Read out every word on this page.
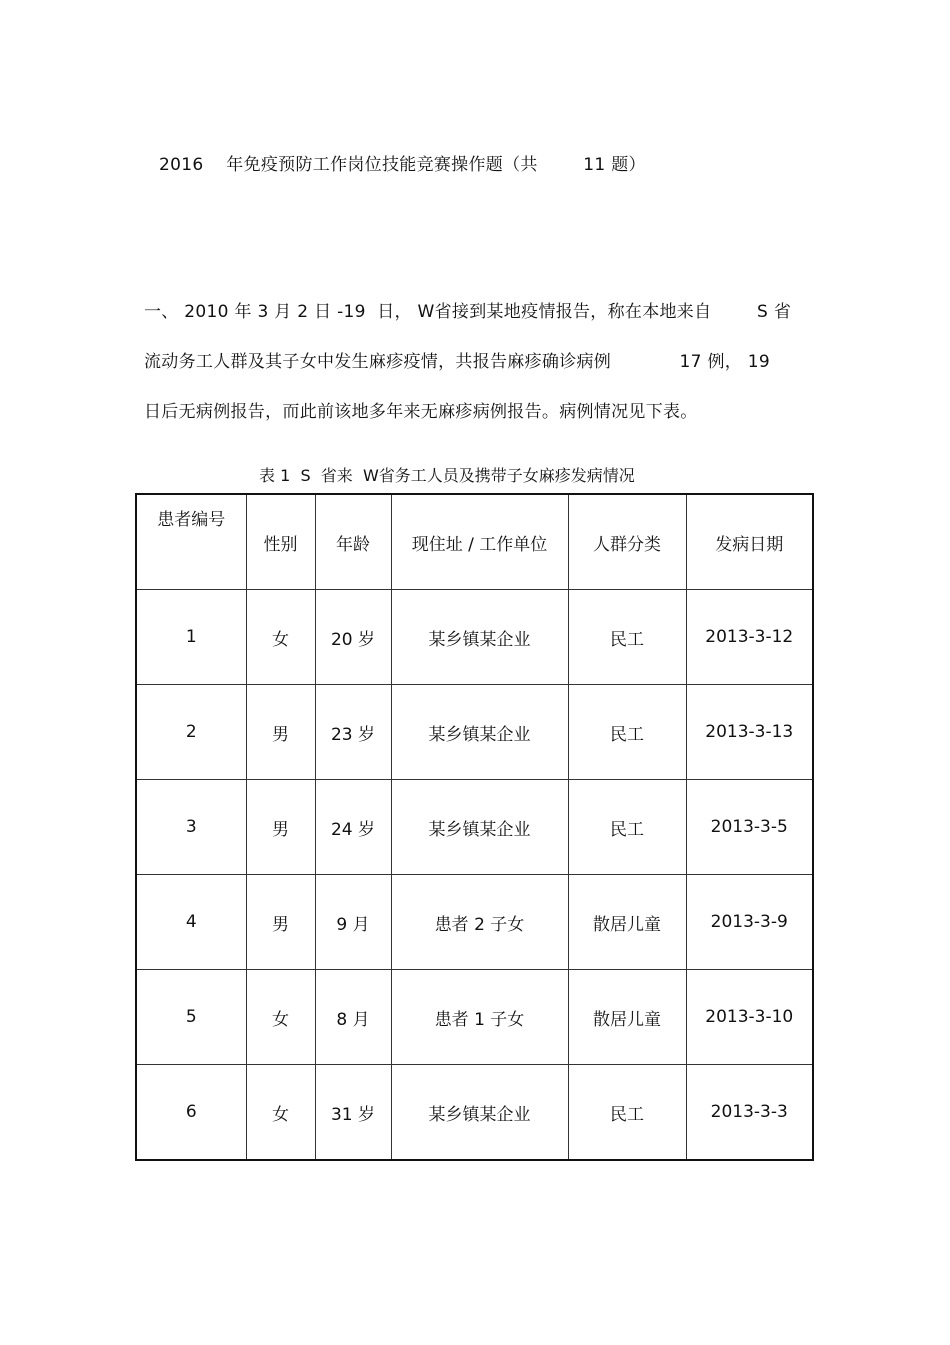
2016    年免疫预防工作岗位技能竞赛操作题（共        11 题）
一、 2010 年 3 月 2 日 -19  日， W省接到某地疫情报告，称在本地来自        S 省
流动务工人群及其子女中发生麻疹疫情，共报告麻疹确诊病例            17 例， 19
日后无病例报告，而此前该地多年来无麻疹病例报告。病例情况见下表。
表 1  S  省来  W省务工人员及携带子女麻疹发病情况
患者编号	性别	年龄	现住址 / 工作单位	人群分类	发病日期
1	女	20 岁	某乡镇某企业	民工	2013-3-12
2	男	23 岁	某乡镇某企业	民工	2013-3-13
3	男	24 岁	某乡镇某企业	民工	2013-3-5
4	男	9 月	患者 2 子女	散居儿童	2013-3-9
5	女	8 月	患者 1 子女	散居儿童	2013-3-10
6	女	31 岁	某乡镇某企业	民工	2013-3-3
